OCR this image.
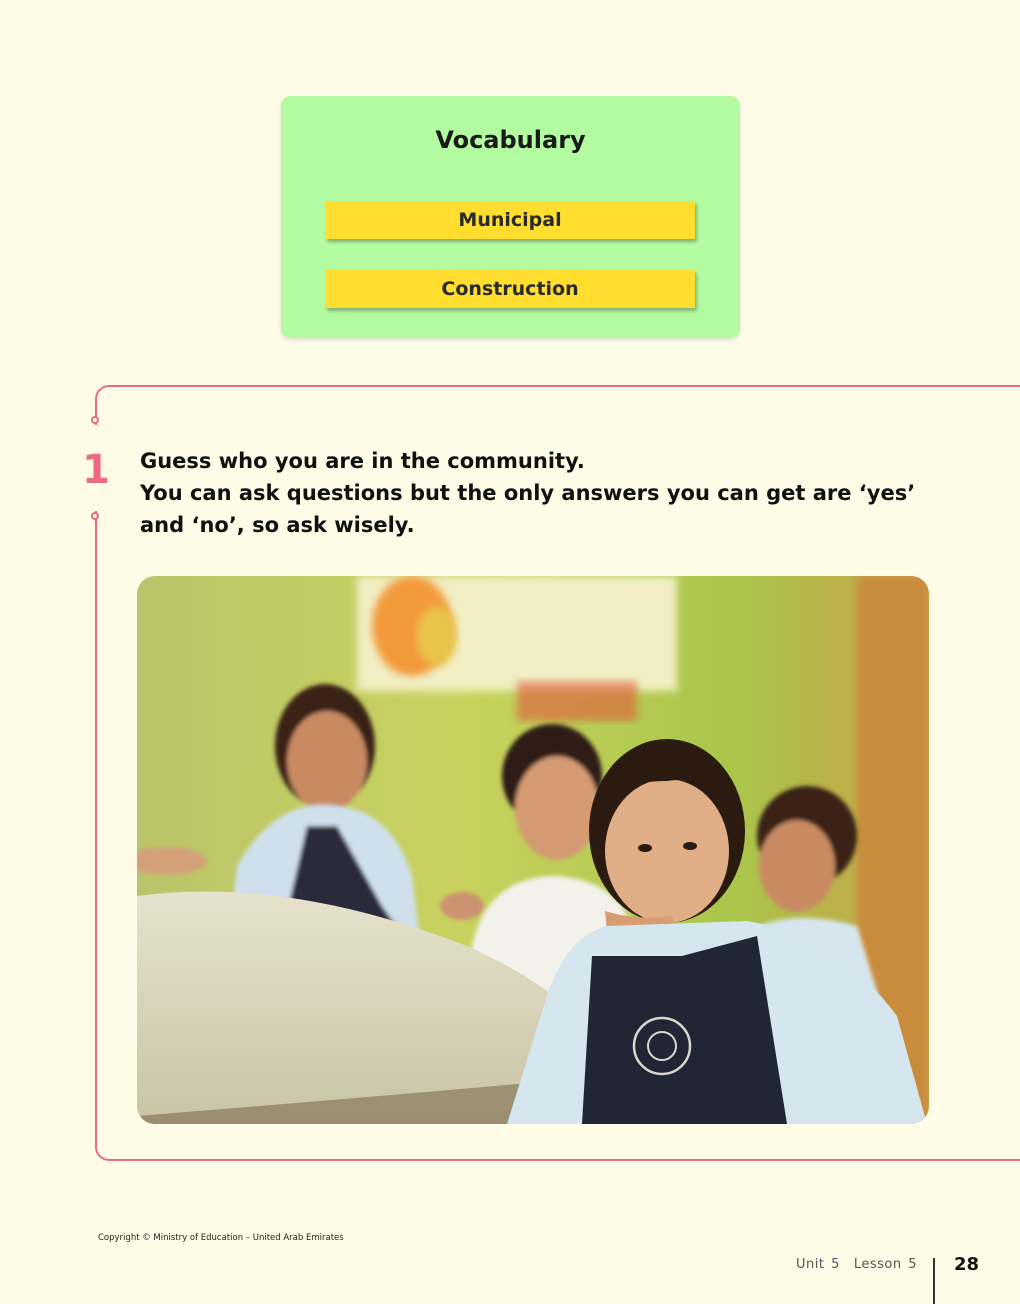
Vocabulary
Municipal
Construction
1 Guess who you are in the community.
You can ask questions but the only answers you can get are ‘yes’ and ‘no’, so ask wisely.
Copyright © Ministry of Education – United Arab Emirates
Unit 5 Lesson 5 28
